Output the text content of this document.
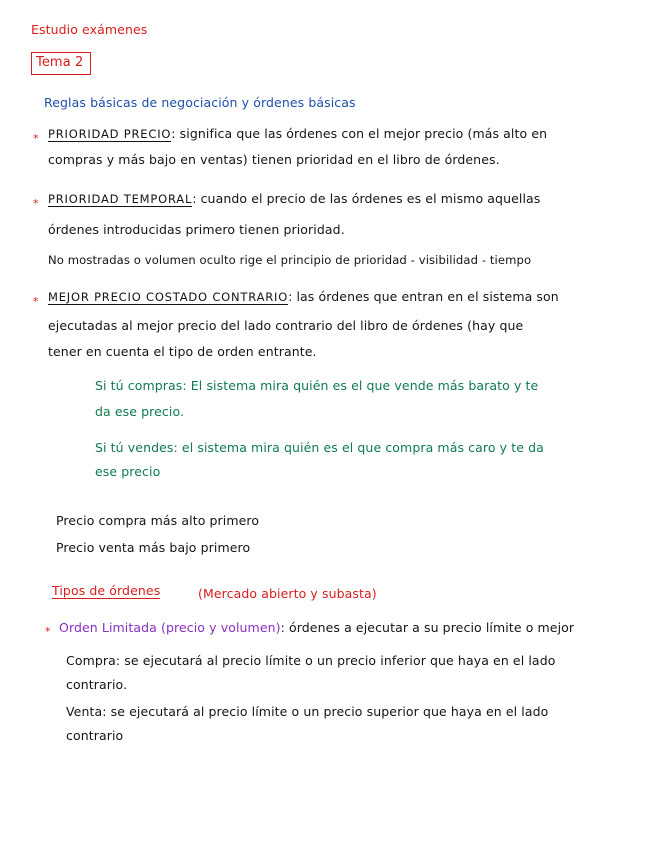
Estudio exámenes
Tema 2
Reglas básicas de negociación y órdenes básicas
* PRIORIDAD PRECIO: significa que las órdenes con el mejor precio (más alto en
compras y más bajo en ventas) tienen prioridad en el libro de órdenes.
* PRIORIDAD TEMPORAL: cuando el precio de las órdenes es el mismo aquellas
órdenes introducidas primero tienen prioridad.
No mostradas o volumen oculto rige el principio de prioridad - visibilidad - tiempo
* MEJOR PRECIO COSTADO CONTRARIO: las órdenes que entran en el sistema son
ejecutadas al mejor precio del lado contrario del libro de órdenes (hay que
tener en cuenta el tipo de orden entrante.
Si tú compras: El sistema mira quién es el que vende más barato y te
da ese precio.
Si tú vendes: el sistema mira quién es el que compra más caro y te da
ese precio
Precio compra más alto primero
Precio venta más bajo primero
Tipos de órdenes	(Mercado abierto y subasta)
* Orden Limitada (precio y volumen): órdenes a ejecutar a su precio límite o mejor
Compra: se ejecutará al precio límite o un precio inferior que haya en el lado
contrario.
Venta: se ejecutará al precio límite o un precio superior que haya en el lado
contrario
